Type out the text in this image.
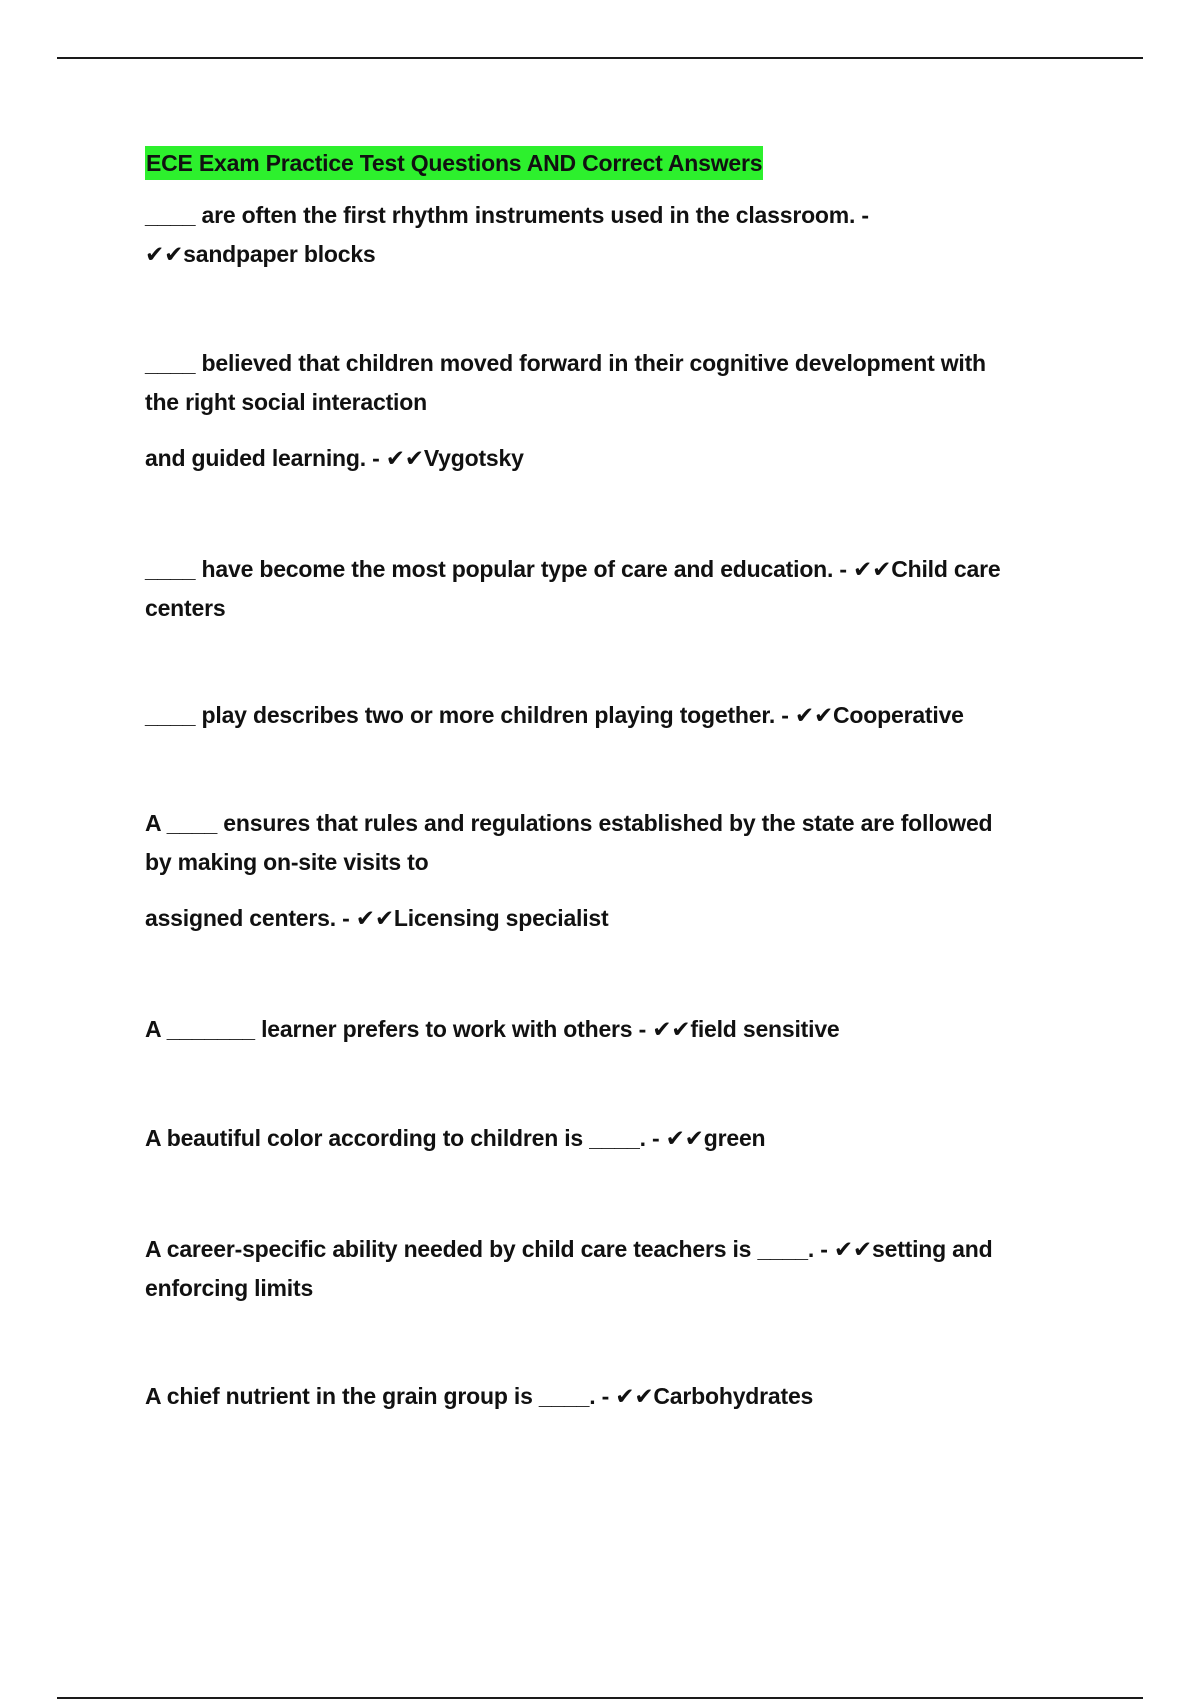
ECE Exam Practice Test Questions AND Correct Answers

____ are often the first rhythm instruments used in the classroom. -

✔✔sandpaper blocks

____ believed that children moved forward in their cognitive development with

the right social interaction

and guided learning. - ✔✔Vygotsky

____ have become the most popular type of care and education. - ✔✔Child care

centers

____ play describes two or more children playing together. - ✔✔Cooperative

A ____ ensures that rules and regulations established by the state are followed

by making on-site visits to

assigned centers. - ✔✔Licensing specialist

A _______ learner prefers to work with others - ✔✔field sensitive

A beautiful color according to children is ____. - ✔✔green

A career-specific ability needed by child care teachers is ____. - ✔✔setting and

enforcing limits

A chief nutrient in the grain group is ____. - ✔✔Carbohydrates
